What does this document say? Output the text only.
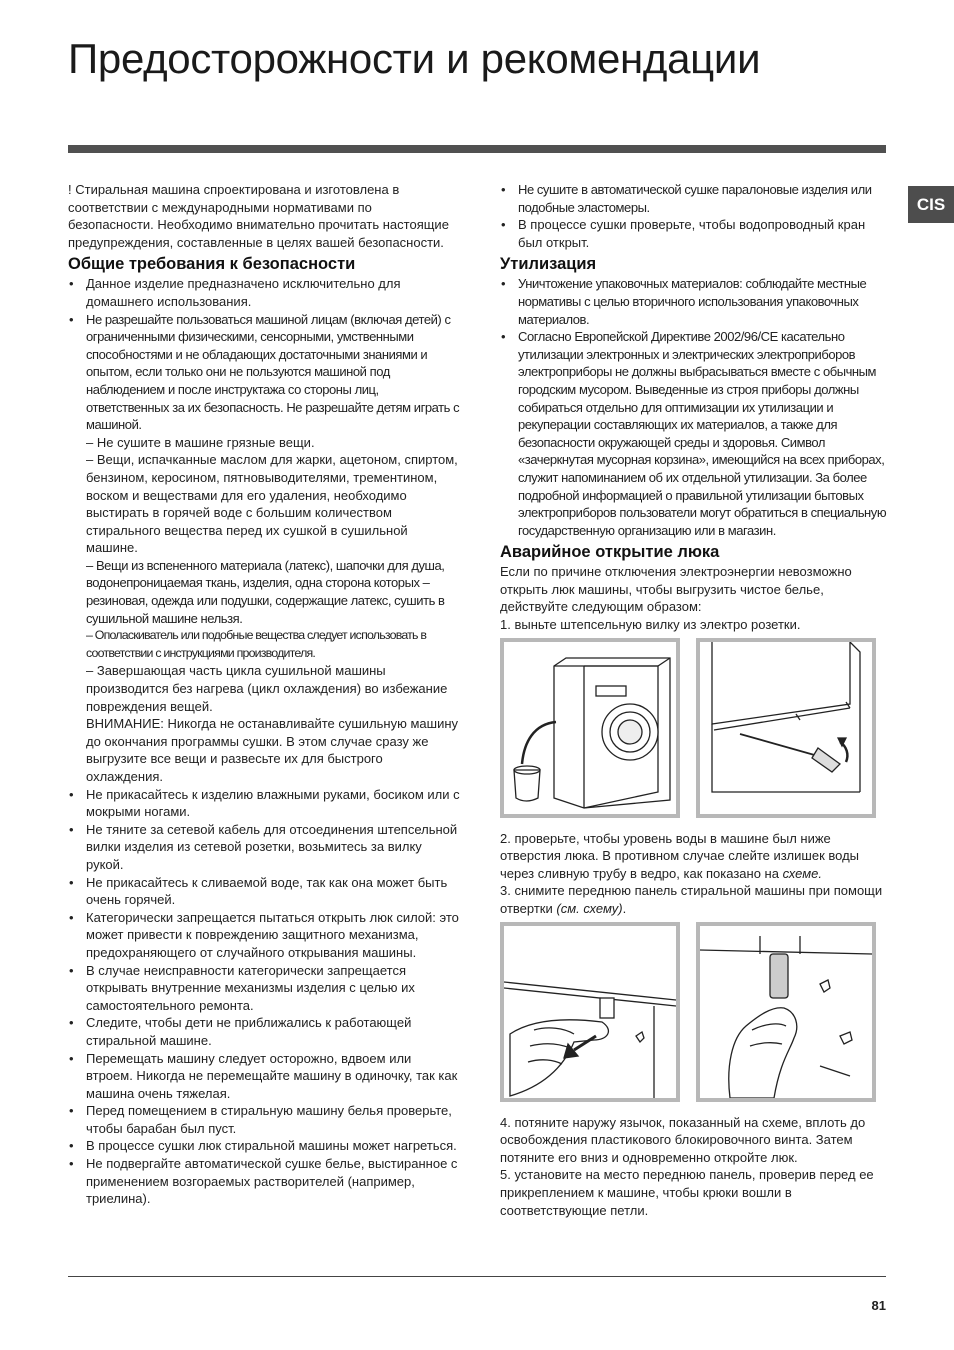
Предосторожности и рекомендации
CIS

! Стиральная машина спроектирована и изготовлена в соответствии с международными нормативами по безопасности. Необходимо внимательно прочитать настоящие предупреждения, составленные в целях вашей безопасности.

Общие требования к безопасности
• Данное изделие предназначено исключительно для домашнего использования.
• Не разрешайте пользоваться машиной лицам (включая детей) с ограниченными физическими, сенсорными, умственными способностями и не обладающих достаточными знаниями и опытом, если только они не пользуются машиной под наблюдением и после инструктажа со стороны лиц, ответственных за их безопасность. Не разрешайте детям играть с машиной.
– Не сушите в машине грязные вещи.
– Вещи, испачканные маслом для жарки, ацетоном, спиртом, бензином, керосином, пятновыводителями, трементином, воском и веществами для его удаления, необходимо выстирать в горячей воде с большим количеством стирального вещества перед их сушкой в сушильной машине.
– Вещи из вспененного материала (латекс), шапочки для душа, водонепроницаемая ткань, изделия, одна сторона которых – резиновая, одежда или подушки, содержащие латекс, сушить в сушильной машине нельзя.
– Ополаскиватель или подобные вещества следует использовать в соответствии с инструкциями производителя.
– Завершающая часть цикла сушильной машины производится без нагрева (цикл охлаждения) во избежание повреждения вещей.
ВНИМАНИЕ: Никогда не останавливайте сушильную машину до окончания программы сушки. В этом случае сразу же выгрузите все вещи и развесьте их для быстрого охлаждения.
• Не прикасайтесь к изделию влажными руками, босиком или с мокрыми ногами.
• Не тяните за сетевой кабель для отсоединения штепсельной вилки изделия из сетевой розетки, возьмитесь за вилку рукой.
• Не прикасайтесь к сливаемой воде, так как она может быть очень горячей.
• Категорически запрещается пытаться открыть люк силой: это может привести к повреждению защитного механизма, предохраняющего от случайного открывания машины.
• В случае неисправности категорически запрещается открывать внутренние механизмы изделия с целью их самостоятельного ремонта.
• Следите, чтобы дети не приближались к работающей стиральной машине.
• Перемещать машину следует осторожно, вдвоем или втроем. Никогда не перемещайте машину в одиночку, так как машина очень тяжелая.
• Перед помещением в стиральную машину белья проверьте, чтобы барабан был пуст.
• В процессе сушки люк стиральной машины может нагреться.
• Не подвергайте автоматической сушке белье, выстиранное с применением возгораемых растворителей (например, триелина).
• Не сушите в автоматической сушке паралоновые изделия или подобные эластомеры.
• В процессе сушки проверьте, чтобы водопроводный кран был открыт.
Утилизация
• Уничтожение упаковочных материалов: соблюдайте местные нормативы с целью вторичного использования упаковочных материалов.
• Согласно Европейской Директиве 2002/96/CE касательно утилизации электронных и электрических электроприборов электроприборы не должны выбрасываться вместе с обычным городским мусором. Выведенные из строя приборы должны собираться отдельно для оптимизации их утилизации и рекуперации составляющих их материалов, а также для безопасности окружающей среды и здоровья. Символ «зачеркнутая мусорная корзина», имеющийся на всех приборах, служит напоминанием об их отдельной утилизации. За более подробной информацией о правильной утилизации бытовых электроприборов пользователи могут обратиться в специальную государственную организацию или в магазин.
Аварийное открытие люка

Если по причине отключения электроэнергии невозможно открыть люк машины, чтобы выгрузить чистое белье, действуйте следующим образом:

1. выньте штепсельную вилку из электро розетки.

2. проверьте, чтобы уровень воды в машине был ниже отверстия люка. В противном случае слейте излишек воды через сливную трубу в ведро, как показано на схеме.

3. снимите переднюю панель стиральной машины при помощи отвертки (см. схему).

4. потяните наружу язычок, показанный на схеме, вплоть до освобождения пластикового блокировочного винта. Затем потяните его вниз и одновременно откройте люк.

5. установите на место переднюю панель, проверив перед ее прикреплением к машине, чтобы крюки вошли в соответствующие петли.

81
